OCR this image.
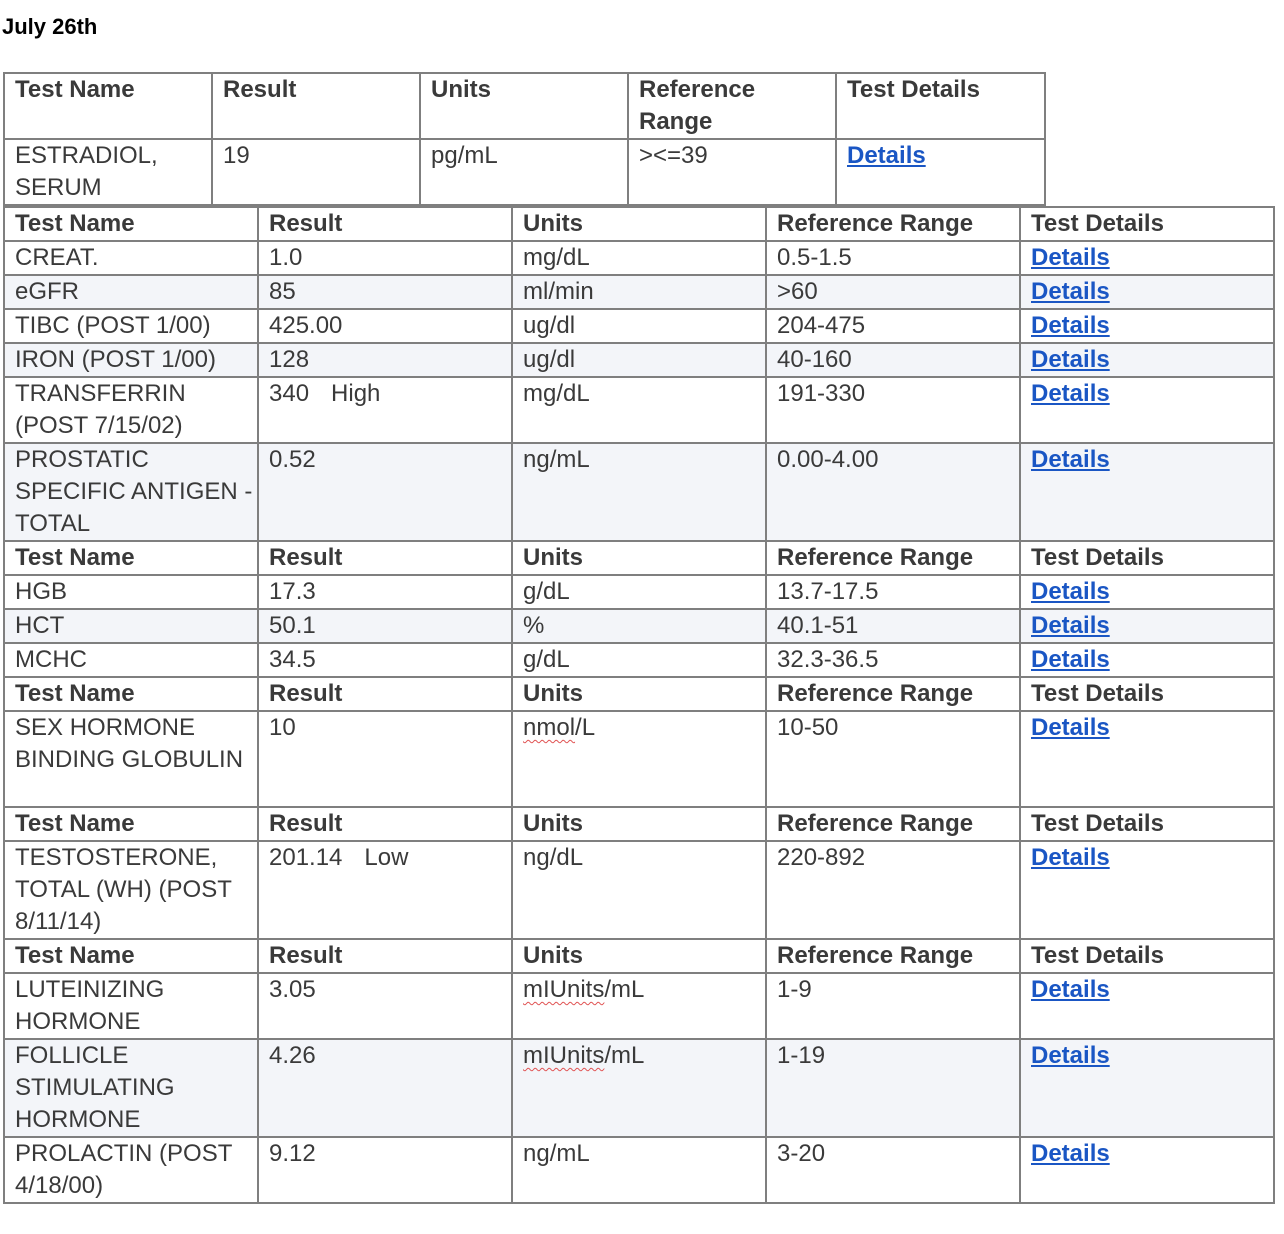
July 26th
Test Name	Result	Units	Reference Range	Test Details
ESTRADIOL, SERUM	19	pg/mL	><=39	Details
Test Name	Result	Units	Reference Range	Test Details
CREAT.	1.0	mg/dL	0.5-1.5	Details
eGFR	85	ml/min	>60	Details
TIBC (POST 1/00)	425.00	ug/dl	204-475	Details
IRON (POST 1/00)	128	ug/dl	40-160	Details
TRANSFERRIN (POST 7/15/02)	340 High	mg/dL	191-330	Details
PROSTATIC SPECIFIC ANTIGEN - TOTAL	0.52	ng/mL	0.00-4.00	Details
Test Name	Result	Units	Reference Range	Test Details
HGB	17.3	g/dL	13.7-17.5	Details
HCT	50.1	%	40.1-51	Details
MCHC	34.5	g/dL	32.3-36.5	Details
Test Name	Result	Units	Reference Range	Test Details
SEX HORMONE BINDING GLOBULIN	10	nmol/L	10-50	Details
Test Name	Result	Units	Reference Range	Test Details
TESTOSTERONE, TOTAL (WH) (POST 8/11/14)	201.14 Low	ng/dL	220-892	Details
Test Name	Result	Units	Reference Range	Test Details
LUTEINIZING HORMONE	3.05	mIUnits/mL	1-9	Details
FOLLICLE STIMULATING HORMONE	4.26	mIUnits/mL	1-19	Details
PROLACTIN (POST 4/18/00)	9.12	ng/mL	3-20	Details
